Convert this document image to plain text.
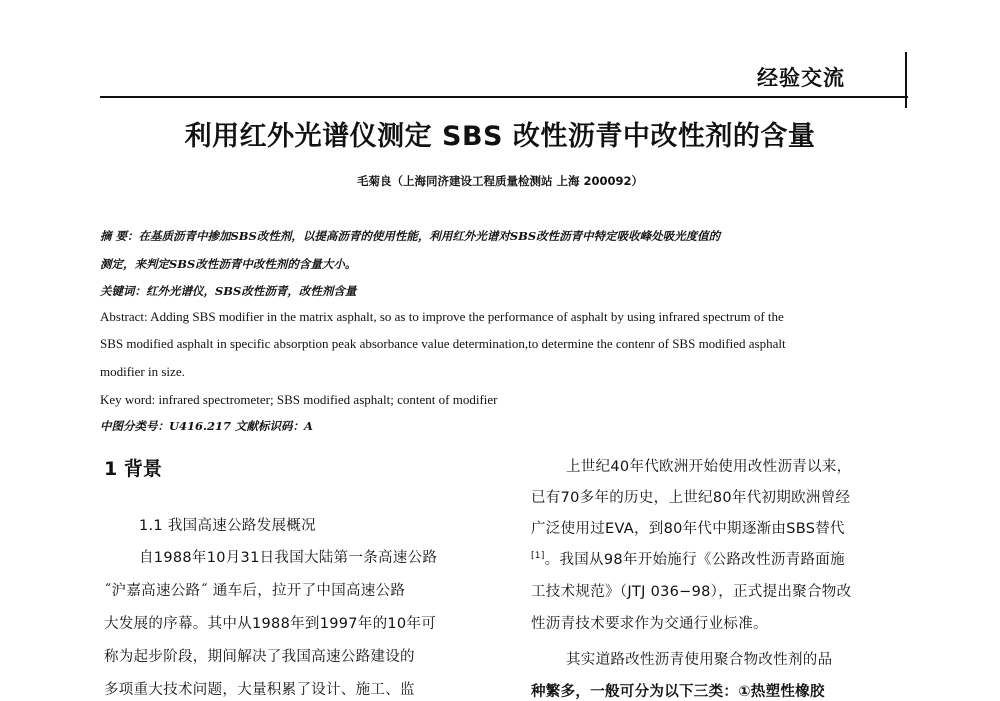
经验交流
利用红外光谱仪测定 SBS 改性沥青中改性剂的含量
毛菊良（上海同济建设工程质量检测站 上海 200092）
摘 要：在基质沥青中掺加SBS改性剂，以提高沥青的使用性能，利用红外光谱对SBS改性沥青中特定吸收峰处吸光度值的
测定，来判定SBS改性沥青中改性剂的含量大小。
关键词：红外光谱仪，SBS改性沥青，改性剂含量
Abstract: Adding SBS modifier in the matrix asphalt, so as to improve the performance of asphalt by using infrared spectrum of the
SBS modified asphalt in specific absorption peak absorbance value determination,to determine the contenr of SBS modified asphalt
modifier in size.
Key word: infrared spectrometer; SBS modified asphalt; content of modifier
中图分类号：U416.217 文献标识码：A
1 背景
1.1 我国高速公路发展概况
自1988年10月31日我国大陆第一条高速公路
˝沪嘉高速公路˝ 通车后，拉开了中国高速公路
大发展的序幕。其中从1988年到1997年的10年可
称为起步阶段，期间解决了我国高速公路建设的
多项重大技术问题，大量积累了设计、施工、监
上世纪40年代欧洲开始使用改性沥青以来，
已有70多年的历史，上世纪80年代初期欧洲曾经
广泛使用过EVA，到80年代中期逐渐由SBS替代
[1]。我国从98年开始施行《公路改性沥青路面施
工技术规范》（JTJ 036−98），正式提出聚合物改
性沥青技术要求作为交通行业标准。
其实道路改性沥青使用聚合物改性剂的品
种繁多，一般可分为以下三类：①热塑性橡胶
